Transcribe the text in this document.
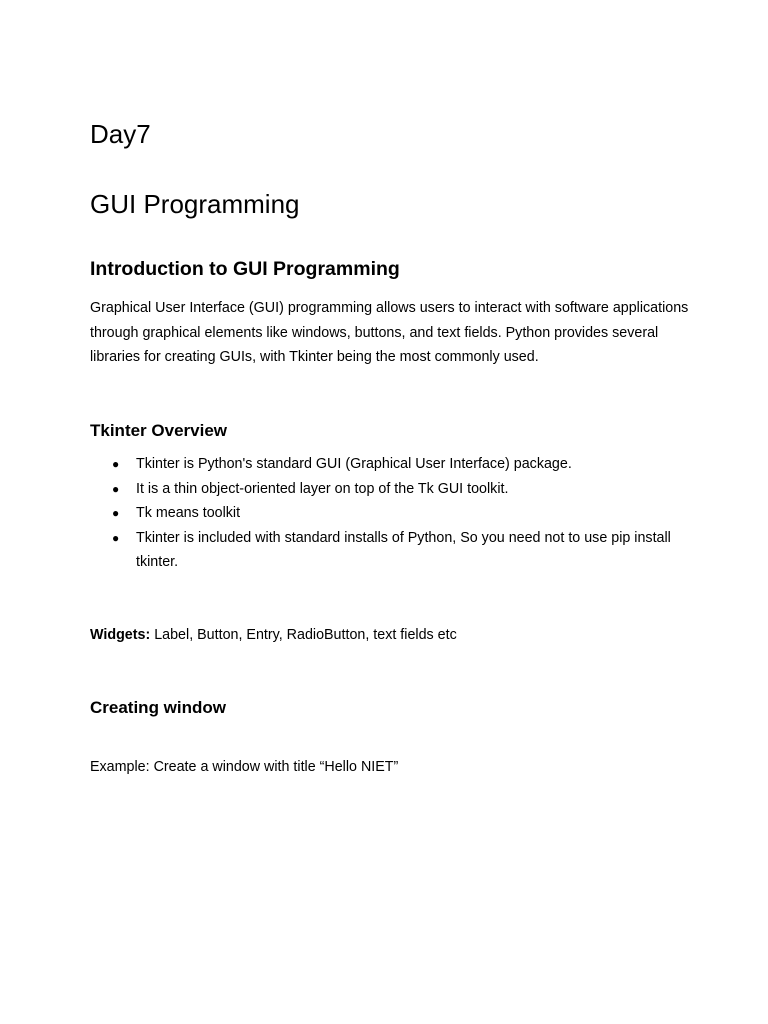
Day7
GUI Programming
Introduction to GUI Programming

Graphical User Interface (GUI) programming allows users to interact with software applications
through graphical elements like windows, buttons, and text fields. Python provides several
libraries for creating GUIs, with Tkinter being the most commonly used.

Tkinter Overview
● Tkinter is Python's standard GUI (Graphical User Interface) package.
● It is a thin object-oriented layer on top of the Tk GUI toolkit.
● Tk means toolkit
● Tkinter is included with standard installs of Python, So you need not to use pip install tkinter.

Widgets: Label, Button, Entry, RadioButton, text fields etc

Creating window

Example: Create a window with title “Hello NIET”
